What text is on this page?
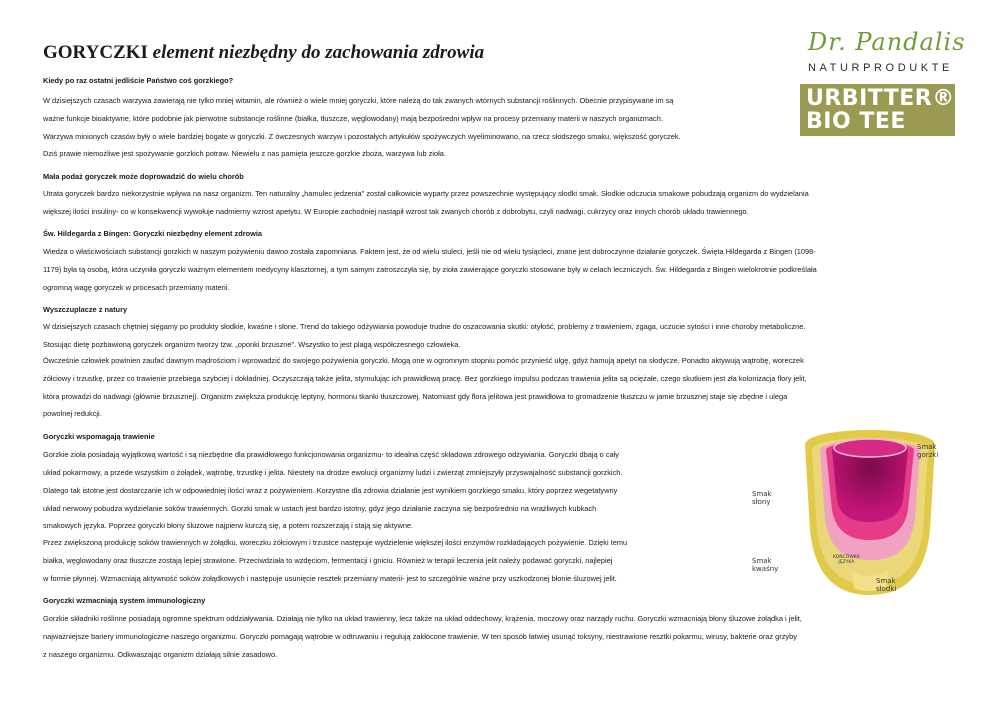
GORYCZKI element niezbędny do zachowania zdrowia	Dr. Pandalis
NATURPRODUKTE
URBITTER®
BIO TEE

Kiedy po raz ostatni jedliście Państwo coś gorzkiego?

W dzisiejszych czasach warzywa zawierają nie tylko mniej witamin, ale również o wiele mniej goryczki, które należą do tak zwanych wtórnych substancji roślinnych. Obecnie przypisywane im są

ważne funkcje bioaktywne, które podobnie jak pierwotne substancje roślinne (białka, tłuszcze, węglowodany) mają bezpośredni wpływ na procesy przemiany materii w naszych organizmach.

Warzywa minionych czasów były o wiele bardziej bogate w goryczki. Z ówczesnych warzyw i pozostałych artykułów spożywczych wyeliminowano, na rzecz słodszego smaku, większość goryczek.

Dziś prawie niemożliwe jest spożywanie gorzkich potraw. Niewielu z nas pamięta jeszcze gorzkie zboża, warzywa lub zioła.

Mała podaż goryczek może doprowadzić do wielu chorób

Utrata goryczek bardzo niekorzystnie wpływa na nasz organizm. Ten naturalny „hamulec jedzenia" został całkowicie wyparty przez powszechnie występujący słodki smak. Słodkie odczucia smakowe pobudzają organizm do wydzielania

większej ilości insuliny- co w konsekwencji wywołuje nadmierny wzrost apetytu. W Europie zachodniej nastąpił wzrost tak zwanych chorób z dobrobytu, czyli nadwagi, cukrzycy oraz innych chorób układu trawiennego.

Św. Hildegarda z Bingen: Goryczki niezbędny element zdrowia

Wiedza o właściwościach substancji gorzkich w naszym pożywieniu dawno została zapomniana. Faktem jest, że od wielu stuleci, jeśli nie od wielu tysiącleci, znane jest dobroczynne działanie goryczek. Święta Hildegarda z Bingen (1098-

1179) była tą osobą, która uczyniła goryczki ważnym elementem medycyny klasztornej, a tym samym zatroszczyła się, by zioła zawierające goryczki stosowane były w celach leczniczych. Św. Hildegarda z Bingen wielokrotnie podkreślała

ogromną wagę goryczek w procesach przemiany materii.

Wyszczuplacze z natury

W dzisiejszych czasach chętniej sięgamy po produkty słodkie, kwaśne i słone. Trend do takiego odżywiania powoduje trudne do oszacowania skutki: otyłość, problemy z trawieniem, zgaga, uczucie sytości i inne choroby metaboliczne.

Stosując dietę pozbawioną goryczek organizm tworzy tzw. „oponki brzuszne". Wszystko to jest plagą współczesnego człowieka.

Ówcześnie człowiek powinien zaufać dawnym mądrościom i wprowadzić do swojego pożywienia goryczki. Mogą one w ogromnym stopniu pomóc przynieść ulgę, gdyż hamują apetyt na słodycze. Ponadto aktywują wątrobę, woreczek

żółciowy i trzustkę, przez co trawienie przebiega szybciej i dokładniej. Oczyszczają także jelita, stymulując ich prawidłową pracę. Bez gorzkiego impulsu podczas trawienia jelita są ociężałe, czego skutkiem jest zła kolonizacja flory jelit,

która prowadzi do nadwagi (głównie brzusznej). Organizm zwiększa produkcję leptyny, hormonu tkanki tłuszczowej. Natomiast gdy flora jelitowa jest prawidłowa to gromadzenie tłuszczu w jamie brzusznej staje się zbędne i ulega

powolnej redukcji.

Goryczki wspomagają trawienie

Gorzkie zioła posiadają wyjątkową wartość i są niezbędne dla prawidłowego funkcjonowania organizmu- to idealna część składowa zdrowego odżywiania. Goryczki dbają o cały

układ pokarmowy, a przede wszystkim o żołądek, wątrobę, trzustkę i jelita. Niestety na drodze ewolucji organizmy ludzi i zwierząt zmniejszyły przyswajalność substancji gorzkich.

Dlatego tak istotne jest dostarczanie ich w odpowiedniej ilości wraz z pożywieniem. Korzystne dla zdrowia działanie jest wynikiem gorzkiego smaku, który poprzez wegetatywny

układ nerwowy pobudza wydzielanie soków trawiennych. Gorzki smak w ustach jest bardzo istotny, gdyż jego działanie zaczyna się bezpośrednio na wrażliwych kubkach

smakowych języka. Poprzez goryczki błony śluzowe najpierw kurczą się, a potem rozszerzają i stają się aktywne.

Przez zwiększoną produkcję soków trawiennych w żołądku, woreczku żółciowym i trzustce następuje wydzielenie większej ilości enzymów rozkładających pożywienie. Dzięki temu

białka, węglowodany oraz tłuszcze zostają lepiej strawione. Przeciwdziała to wzdęciom, fermentacji i gniciu. Również w terapii leczenia jelit należy podawać goryczki, najlepiej

w formie płynnej. Wzmacniają aktywność soków żołądkowych i następuje usunięcie resztek przemiany materii- jest to szczególnie ważne przy uszkodzonej błonie śluzowej jelit.

Goryczki wzmacniają system immunologiczny

Gorzkie składniki roślinne posiadają ogromne spektrum oddziaływania. Działają nie tylko na układ trawienny, lecz także na układ oddechowy, krążenia, moczowy oraz narządy ruchu. Goryczki wzmacniają błony śluzowe żołądka i jelit,

najważniejsze bariery immunologiczne naszego organizmu. Goryczki pomagają wątrobie w odtruwaniu i regulują zakłócone trawienie. W ten sposób łatwiej usunąć toksyny, niestrawione resztki pokarmu, wirusy, bakterie oraz grzyby

z naszego organizmu. Odkwaszając organizm działają silnie zasadowo.

Smak
gorzki
Smak
słony
Smak
kwaśny
Smak
słodki
KOŃCÓWKA
JĘZYKA
